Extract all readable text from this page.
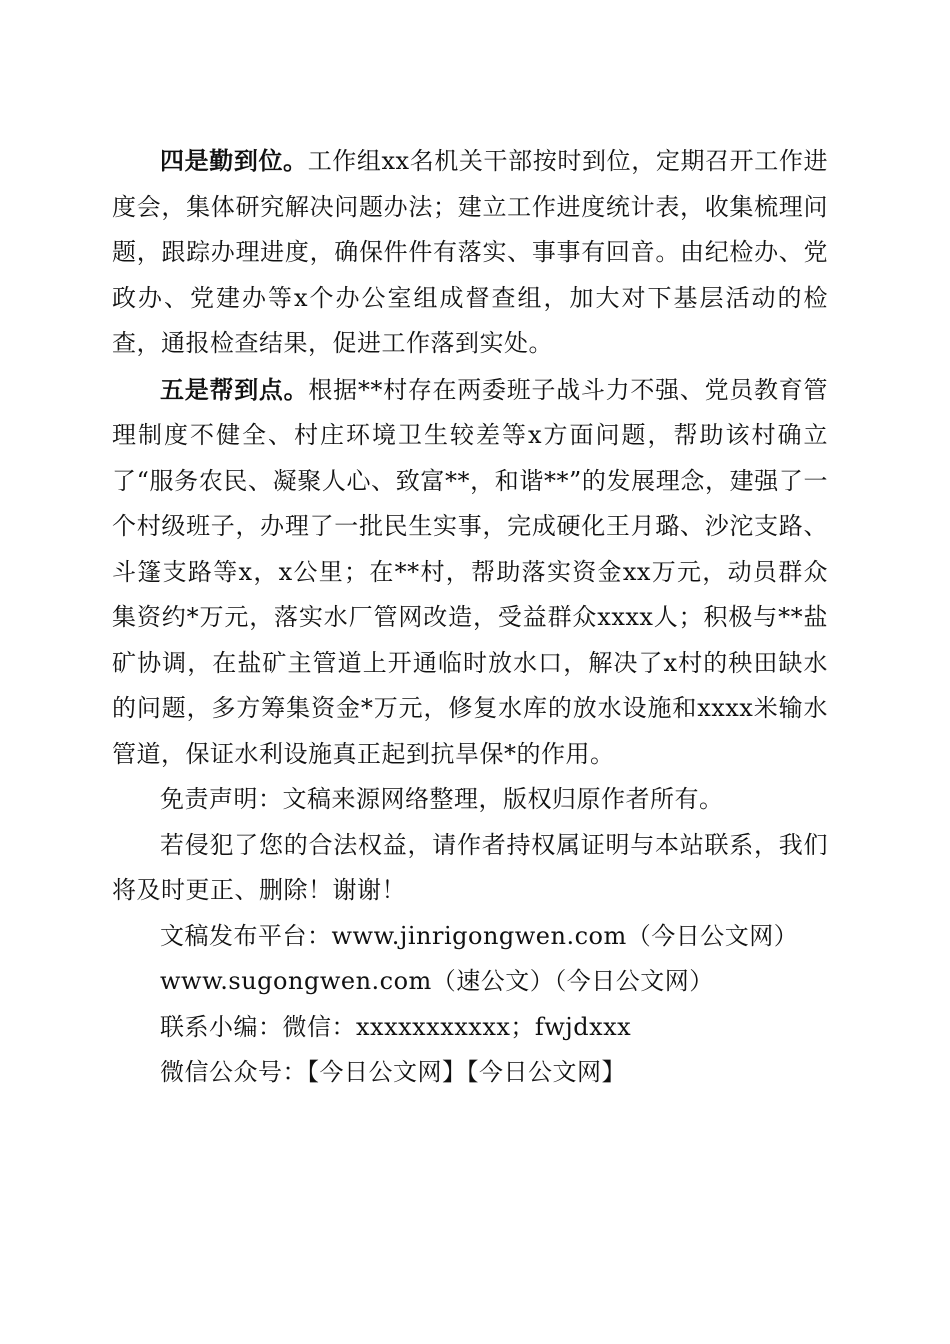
四是勤到位。工作组xx名机关干部按时到位，定期召开工作进度会，集体研究解决问题办法；建立工作进度统计表，收集梳理问题，跟踪办理进度，确保件件有落实、事事有回音。由纪检办、党政办、党建办等x个办公室组成督查组，加大对下基层活动的检查，通报检查结果，促进工作落到实处。

五是帮到点。根据**村存在两委班子战斗力不强、党员教育管理制度不健全、村庄环境卫生较差等x方面问题，帮助该村确立了“服务农民、凝聚人心、致富**，和谐**”的发展理念，建强了一个村级班子，办理了一批民生实事，完成硬化王月璐、沙沱支路、斗篷支路等x，x公里；在**村，帮助落实资金xx万元，动员群众集资约*万元，落实水厂管网改造，受益群众xxxx人；积极与**盐矿协调，在盐矿主管道上开通临时放水口，解决了x村的秧田缺水的问题，多方筹集资金*万元，修复水库的放水设施和xxxx米输水管道，保证水利设施真正起到抗旱保*的作用。

免责声明：文稿来源网络整理，版权归原作者所有。

若侵犯了您的合法权益，请作者持权属证明与本站联系，我们将及时更正、删除！谢谢！

文稿发布平台：www.jinrigongwen.com（今日公文网）

www.sugongwen.com（速公文）（今日公文网）

联系小编：微信：xxxxxxxxxxx；fwjdxxx

微信公众号：【今日公文网】【今日公文网】
